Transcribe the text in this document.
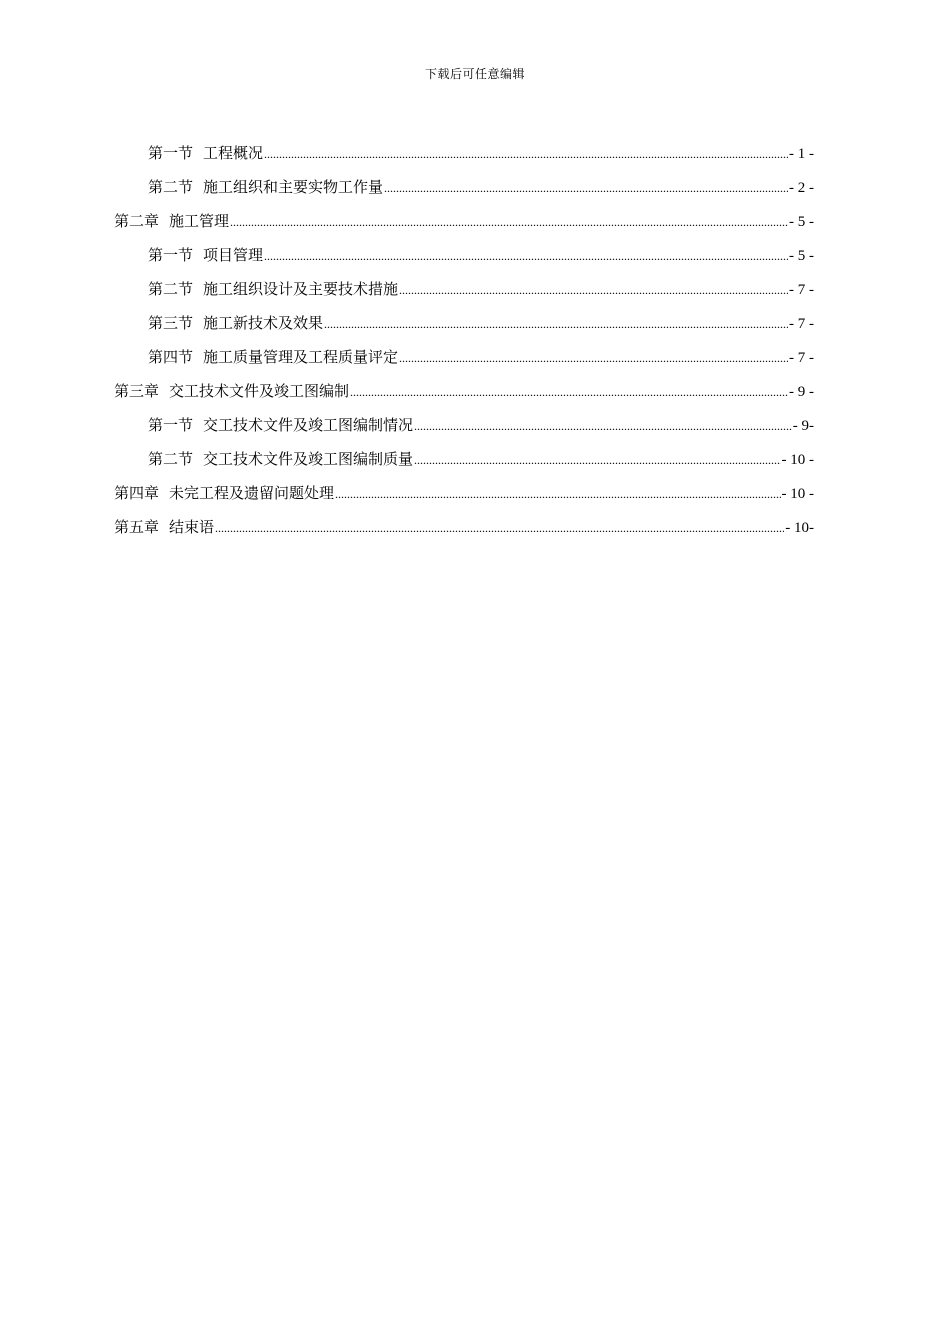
下载后可任意编辑
第一节 工程概况 .....	- 1 -
第二节 施工组织和主要实物工作量 .....	- 2 -
第二章 施工管理 .....	- 5 -
第一节 项目管理 .....	- 5 -
第二节 施工组织设计及主要技术措施 .....	- 7 -
第三节 施工新技术及效果 .....	- 7 -
第四节 施工质量管理及工程质量评定 .....	- 7 -
第三章 交工技术文件及竣工图编制 .....	- 9 -
第一节 交工技术文件及竣工图编制情况 .....	- 9-
第二节 交工技术文件及竣工图编制质量 .....	- 10 -
第四章 未完工程及遗留问题处理 .....	- 10 -
第五章 结束语 .....	- 10-
